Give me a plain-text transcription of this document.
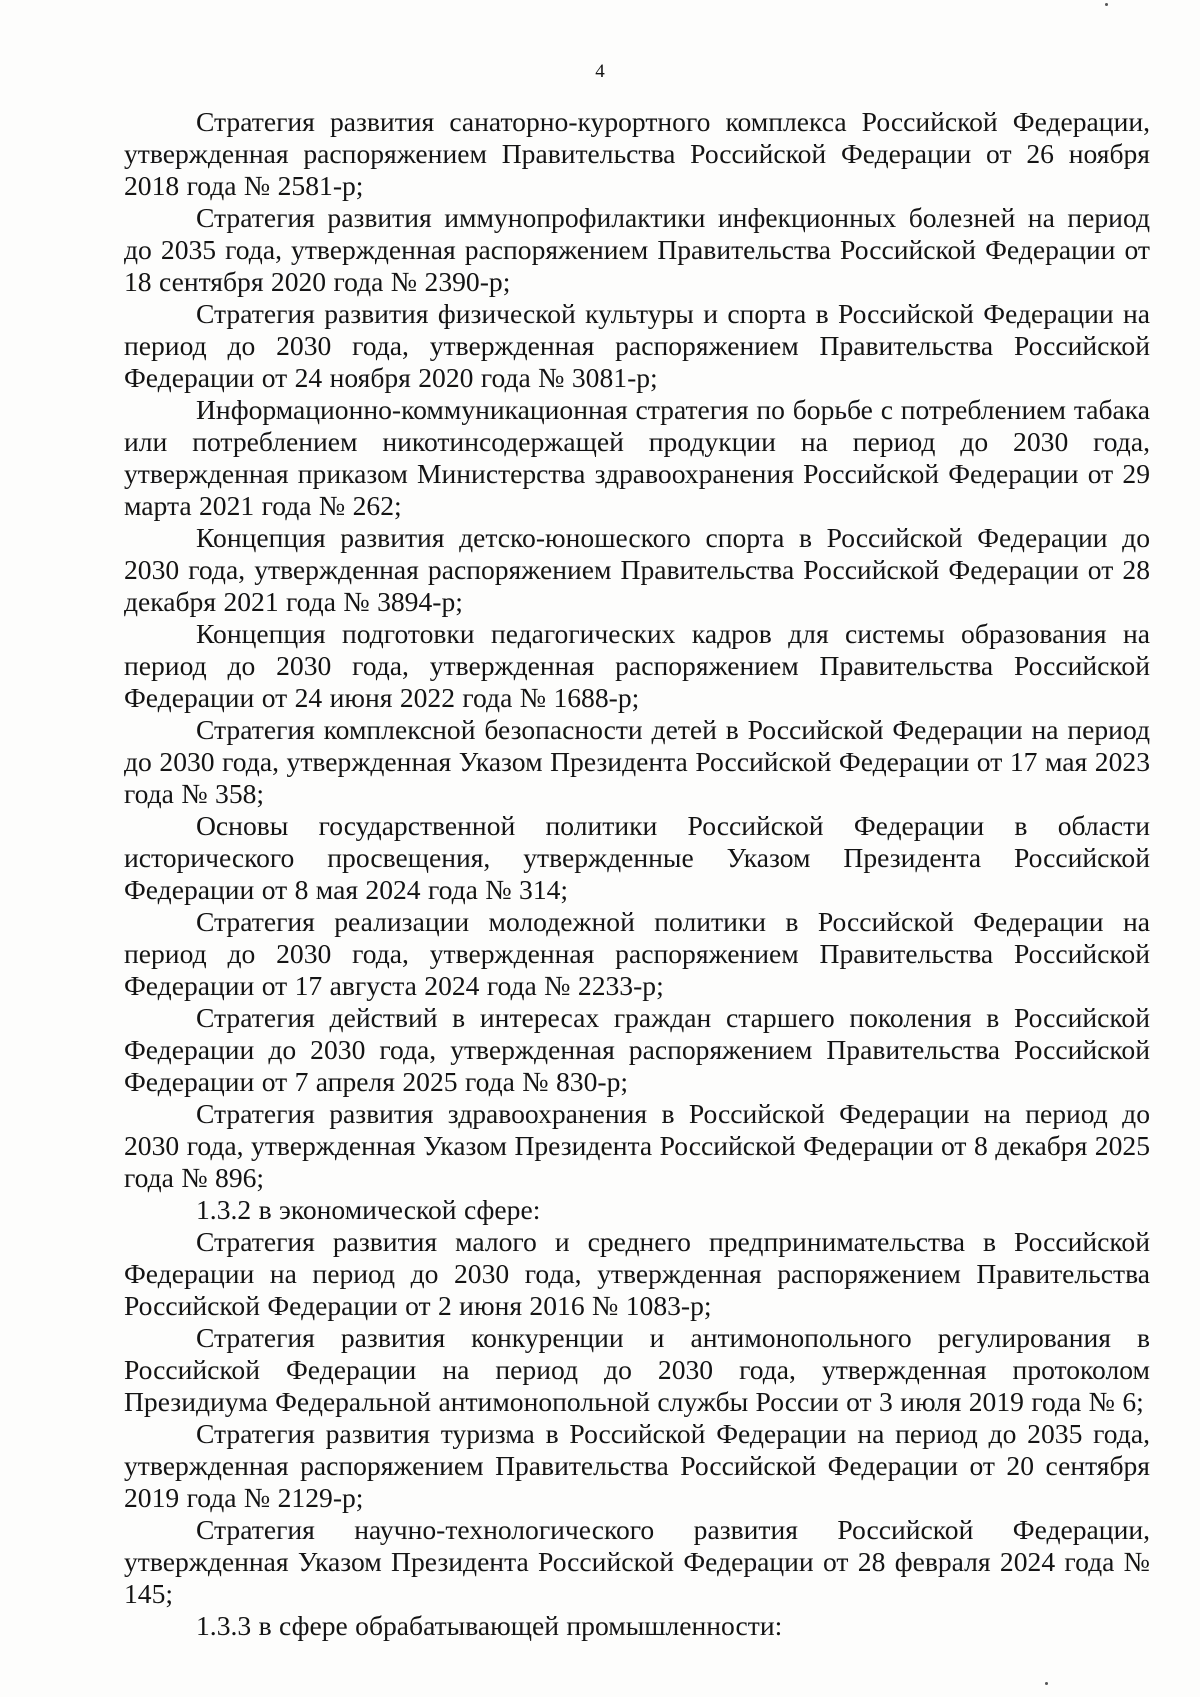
4

Стратегия развития санаторно-курортного комплекса Российской Федерации, утвержденная распоряжением Правительства Российской Федерации от 26 ноября 2018 года № 2581-р;

Стратегия развития иммунопрофилактики инфекционных болезней на период до 2035 года, утвержденная распоряжением Правительства Российской Федерации от 18 сентября 2020 года № 2390-р;

Стратегия развития физической культуры и спорта в Российской Федерации на период до 2030 года, утвержденная распоряжением Правительства Российской Федерации от 24 ноября 2020 года № 3081-р;

Информационно-коммуникационная стратегия по борьбе с потреблением табака или потреблением никотинсодержащей продукции на период до 2030 года, утвержденная приказом Министерства здравоохранения Российской Федерации от 29 марта 2021 года № 262;

Концепция развития детско-юношеского спорта в Российской Федерации до 2030 года, утвержденная распоряжением Правительства Российской Федерации от 28 декабря 2021 года № 3894-р;

Концепция подготовки педагогических кадров для системы образования на период до 2030 года, утвержденная распоряжением Правительства Российской Федерации от 24 июня 2022 года № 1688-р;

Стратегия комплексной безопасности детей в Российской Федерации на период до 2030 года, утвержденная Указом Президента Российской Федерации от 17 мая 2023 года № 358;

Основы государственной политики Российской Федерации в области исторического просвещения, утвержденные Указом Президента Российской Федерации от 8 мая 2024 года № 314;

Стратегия реализации молодежной политики в Российской Федерации на период до 2030 года, утвержденная распоряжением Правительства Российской Федерации от 17 августа 2024 года № 2233-р;

Стратегия действий в интересах граждан старшего поколения в Российской Федерации до 2030 года, утвержденная распоряжением Правительства Российской Федерации от 7 апреля 2025 года № 830-р;

Стратегия развития здравоохранения в Российской Федерации на период до 2030 года, утвержденная Указом Президента Российской Федерации от 8 декабря 2025 года № 896;

1.3.2 в экономической сфере:

Стратегия развития малого и среднего предпринимательства в Российской Федерации на период до 2030 года, утвержденная распоряжением Правительства Российской Федерации от 2 июня 2016 № 1083-р;

Стратегия развития конкуренции и антимонопольного регулирования в Российской Федерации на период до 2030 года, утвержденная протоколом Президиума Федеральной антимонопольной службы России от 3 июля 2019 года № 6;

Стратегия развития туризма в Российской Федерации на период до 2035 года, утвержденная распоряжением Правительства Российской Федерации от 20 сентября 2019 года № 2129-р;

Стратегия научно-технологического развития Российской Федерации, утвержденная Указом Президента Российской Федерации от 28 февраля 2024 года № 145;

1.3.3 в сфере обрабатывающей промышленности:
